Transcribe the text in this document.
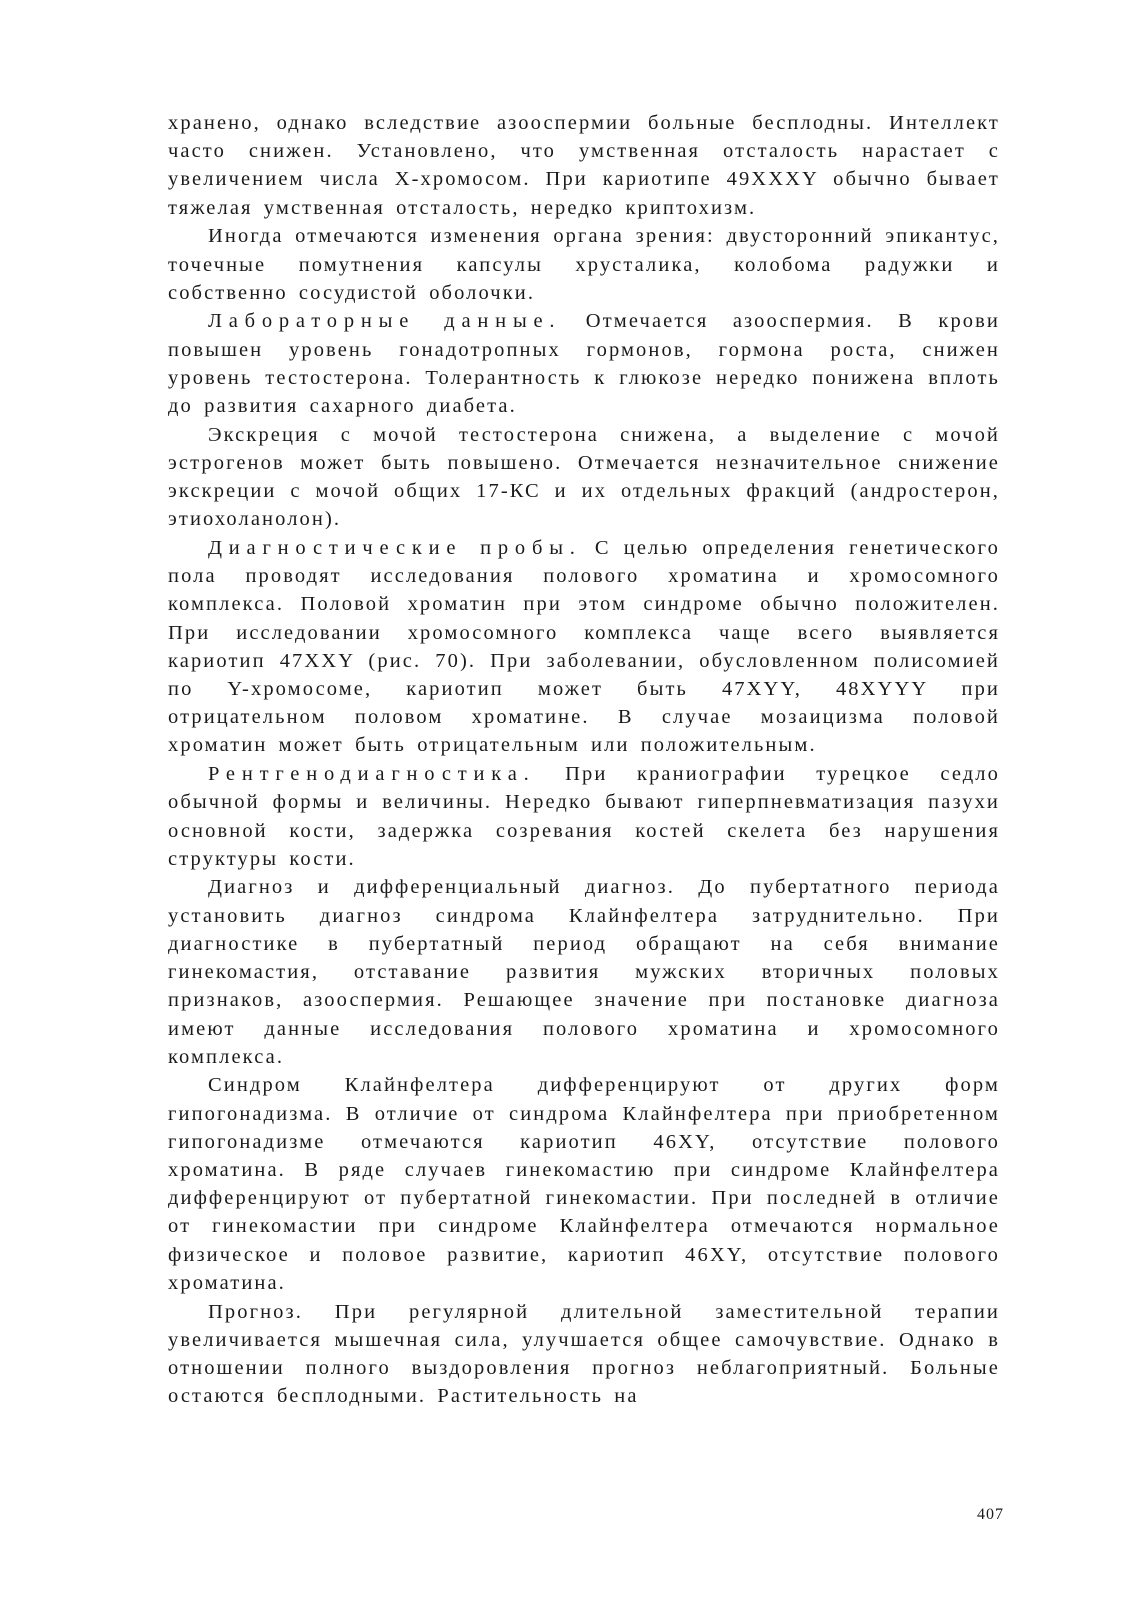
хранено, однако вследствие азооспермии больные бесплодны. Интеллект часто снижен. Установлено, что умственная отсталость нарастает с увеличением числа X-хромосом. При кариотипе 49XXXY обычно бывает тяжелая умственная отсталость, нередко криптохизм.

Иногда отмечаются изменения органа зрения: двусторонний эпикантус, точечные помутнения капсулы хрусталика, колобома радужки и собственно сосудистой оболочки.

Лабораторные данные. Отмечается азооспермия. В крови повышен уровень гонадотропных гормонов, гормона роста, снижен уровень тестостерона. Толерантность к глюкозе нередко понижена вплоть до развития сахарного диабета.

Экскреция с мочой тестостерона снижена, а выделение с мочой эстрогенов может быть повышено. Отмечается незначительное снижение экскреции с мочой общих 17-КС и их отдельных фракций (андростерон, этиохоланолон).

Диагностические пробы. С целью определения генетического пола проводят исследования полового хроматина и хромосомного комплекса. Половой хроматин при этом синдроме обычно положителен. При исследовании хромосомного комплекса чаще всего выявляется кариотип 47XXY (рис. 70). При заболевании, обусловленном полисомией по Y-хромосоме, кариотип может быть 47XYY, 48XYYY при отрицательном половом хроматине. В случае мозаицизма половой хроматин может быть отрицательным или положительным.

Рентгенодиагностика. При краниографии турецкое седло обычной формы и величины. Нередко бывают гиперпневматизация пазухи основной кости, задержка созревания костей скелета без нарушения структуры кости.

Диагноз и дифференциальный диагноз. До пубертатного периода установить диагноз синдрома Клайнфелтера затруднительно. При диагностике в пубертатный период обращают на себя внимание гинекомастия, отставание развития мужских вторичных половых признаков, азооспермия. Решающее значение при постановке диагноза имеют данные исследования полового хроматина и хромосомного комплекса.

Синдром Клайнфелтера дифференцируют от других форм гипогонадизма. В отличие от синдрома Клайнфелтера при приобретенном гипогонадизме отмечаются кариотип 46XY, отсутствие полового хроматина. В ряде случаев гинекомастию при синдроме Клайнфелтера дифференцируют от пубертатной гинекомастии. При последней в отличие от гинекомастии при синдроме Клайнфелтера отмечаются нормальное физическое и половое развитие, кариотип 46XY, отсутствие полового хроматина.

Прогноз. При регулярной длительной заместительной терапии увеличивается мышечная сила, улучшается общее самочувствие. Однако в отношении полного выздоровления прогноз неблагоприятный. Больные остаются бесплодными. Растительность на

407
